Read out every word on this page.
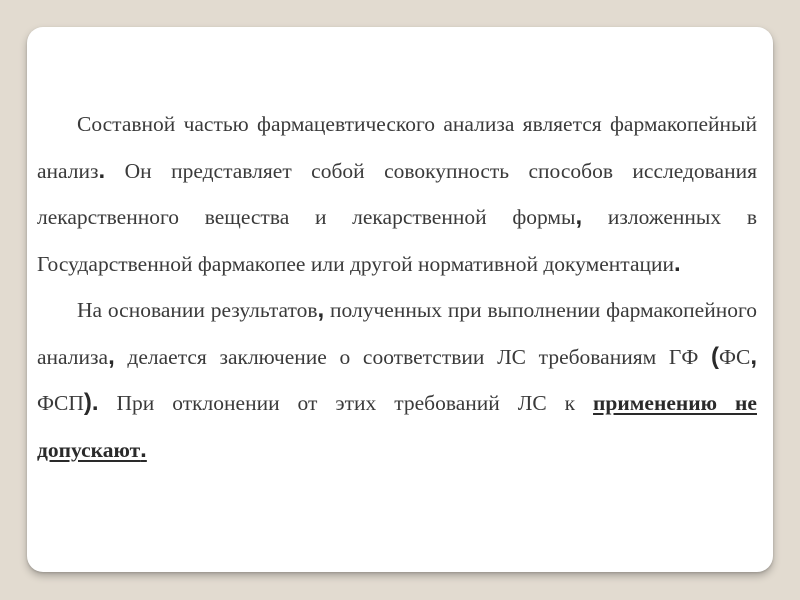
Составной частью фармацевтического анализа является фармакопейный анализ. Он представляет собой совокупность способов исследования лекарственного вещества и лекарственной формы, изложенных в Государственной фармакопее или другой нормативной документации.

На основании результатов, полученных при выполнении фармакопейного анализа, делается заключение о соответствии ЛС требованиям ГФ (ФС, ФСП). При отклонении от этих требований ЛС к применению не допускают.
